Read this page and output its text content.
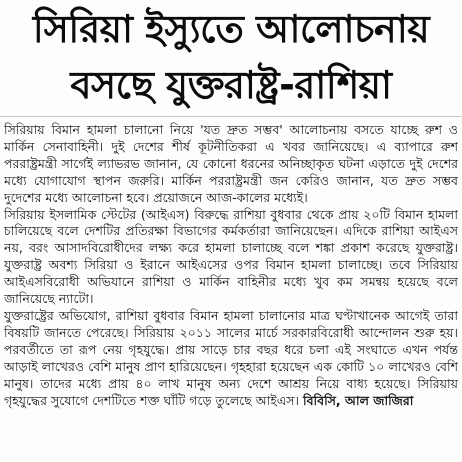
সিরিয়া ইস্যুতে আলোচনায়
বসছে যুক্তরাষ্ট্র-রাশিয়া

সিরিয়ায় বিমান হামলা চালানো নিয়ে 'যত দ্রুত সম্ভব' আলোচনায় বসতে যাচ্ছে রুশ ও মার্কিন সেনাবাহিনী। দুই দেশের শীর্ষ কূটনীতিকরা এ খবর জানিয়েছে। এ ব্যাপারে রুশ পররাষ্ট্রমন্ত্রী সার্গেই ল্যাভরভ জানান, যে কোনো ধরনের অনিচ্ছাকৃত ঘটনা এড়াতে দুই দেশের মধ্যে যোগাযোগ স্থাপন জরুরি। মার্কিন পররাষ্ট্রমন্ত্রী জন কেরিও জানান, যত দ্রুত সম্ভব দুদেশের মধ্যে আলোচনা হবে। প্রয়োজনে আজ-কালের মধ্যেই।

সিরিয়ায় ইসলামিক স্টেটের (আইএস) বিরুদ্ধে রাশিয়া বুধবার থেকে প্রায় ২০টি বিমান হামলা চালিয়েছে বলে দেশটির প্রতিরক্ষা বিভাগের কর্মকর্তারা জানিয়েছেন। এদিকে রাশিয়া আইএস নয়, বরং আসাদবিরোধীদের লক্ষ্য করে হামলা চালাচ্ছে বলে শঙ্কা প্রকাশ করেছে যুক্তরাষ্ট্র। যুক্তরাষ্ট্র অবশ্য সিরিয়া ও ইরানে আইএসের ওপর বিমান হামলা চালাচ্ছে। তবে সিরিয়ায় আইএসবিরোধী অভিযানে রাশিয়া ও মার্কিন বাহিনীর মধ্যে খুব কম সমন্বয় হয়েছে বলে জানিয়েছে ন্যাটো।

যুক্তরাষ্ট্রের অভিযোগ, রাশিয়া বুধবার বিমান হামলা চালানোর মাত্র ঘণ্টাখানেক আগেই তারা বিষয়টি জানতে পেরেছে। সিরিয়ায় ২০১১ সালের মার্চে সরকারবিরোধী আন্দোলন শুরু হয়। পরবর্তীতে তা রূপ নেয় গৃহযুদ্ধে। প্রায় সাড়ে চার বছর ধরে চলা এই সংঘাতে এখন পর্যন্ত আড়াই লাখেরও বেশি মানুষ প্রাণ হারিয়েছেন। গৃহহারা হয়েছেন এক কোটি ১০ লাখেরও বেশি মানুষ। তাদের মধ্যে প্রায় ৪০ লাখ মানুষ অন্য দেশে আশ্রয় নিয়ে বাধ্য হয়েছে। সিরিয়ায় গৃহযুদ্ধের সুযোগে দেশটিতে শক্ত ঘাঁটি গড়ে তুলেছে আইএস। বিবিসি, আল জাজিরা
